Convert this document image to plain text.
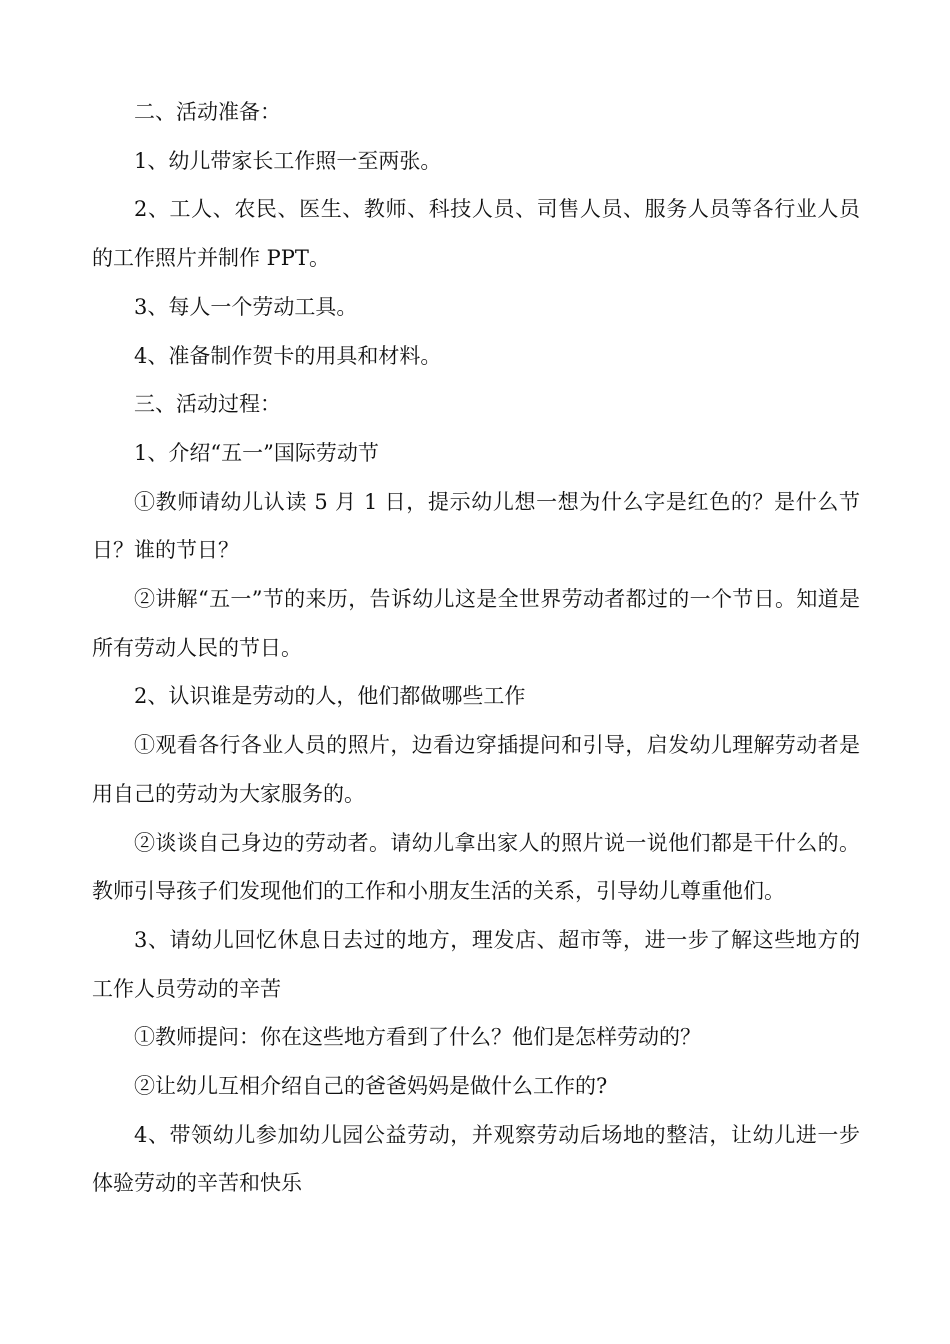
二、活动准备：

1、幼儿带家长工作照一至两张。

2、工人、农民、医生、教师、科技人员、司售人员、服务人员等各行业人员的工作照片并制作 PPT。

3、每人一个劳动工具。

4、准备制作贺卡的用具和材料。

三、活动过程：

1、介绍“五一”国际劳动节

①教师请幼儿认读 5 月 1 日，提示幼儿想一想为什么字是红色的？是什么节日？谁的节日？

②讲解“五一”节的来历，告诉幼儿这是全世界劳动者都过的一个节日。知道是所有劳动人民的节日。

2、认识谁是劳动的人，他们都做哪些工作

①观看各行各业人员的照片，边看边穿插提问和引导，启发幼儿理解劳动者是用自己的劳动为大家服务的。

②谈谈自己身边的劳动者。请幼儿拿出家人的照片说一说他们都是干什么的。教师引导孩子们发现他们的工作和小朋友生活的关系，引导幼儿尊重他们。

3、请幼儿回忆休息日去过的地方，理发店、超市等，进一步了解这些地方的工作人员劳动的辛苦

①教师提问：你在这些地方看到了什么？他们是怎样劳动的？

②让幼儿互相介绍自己的爸爸妈妈是做什么工作的?

4、带领幼儿参加幼儿园公益劳动，并观察劳动后场地的整洁，让幼儿进一步体验劳动的辛苦和快乐
